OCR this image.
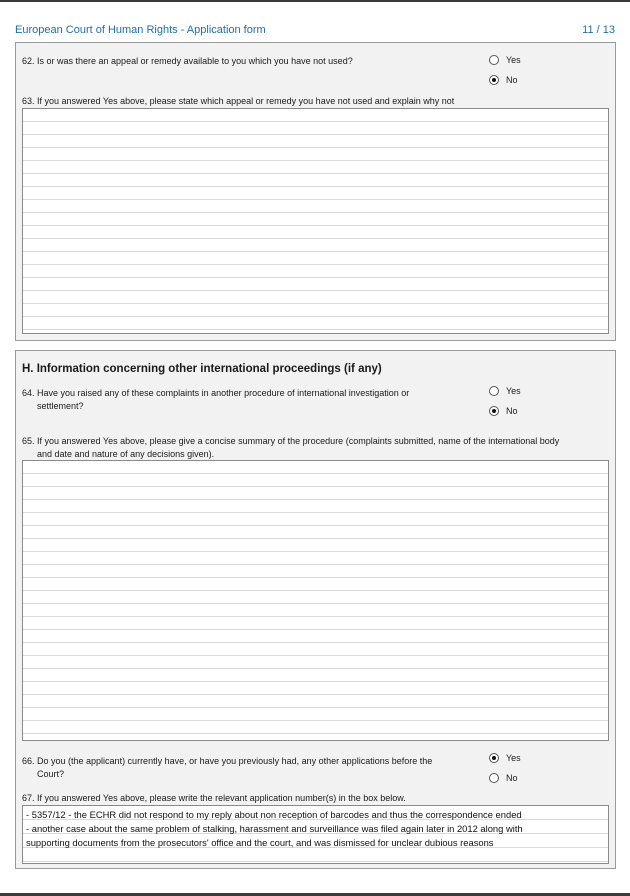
European Court of Human Rights - Application form	11 / 13
62. Is or was there an appeal or remedy available to you which you have not used?	Yes
No
63. If you answered Yes above, please state which appeal or remedy you have not used and explain why not
H. Information concerning other international proceedings (if any)
64. Have you raised any of these complaints in another procedure of international investigation or
settlement?
Yes
No
65. If you answered Yes above, please give a concise summary of the procedure (complaints submitted, name of the international body
and date and nature of any decisions given).
66. Do you (the applicant) currently have, or have you previously had, any other applications before the
Court?
Yes
No
67. If you answered Yes above, please write the relevant application number(s) in the box below.
- 5357/12 - the ECHR did not respond to my reply about non reception of barcodes and thus the correspondence ended
- another case about the same problem of stalking, harassment and surveillance was filed again later in 2012 along with
supporting documents from the prosecutors' office and the court, and was dismissed for unclear dubious reasons
